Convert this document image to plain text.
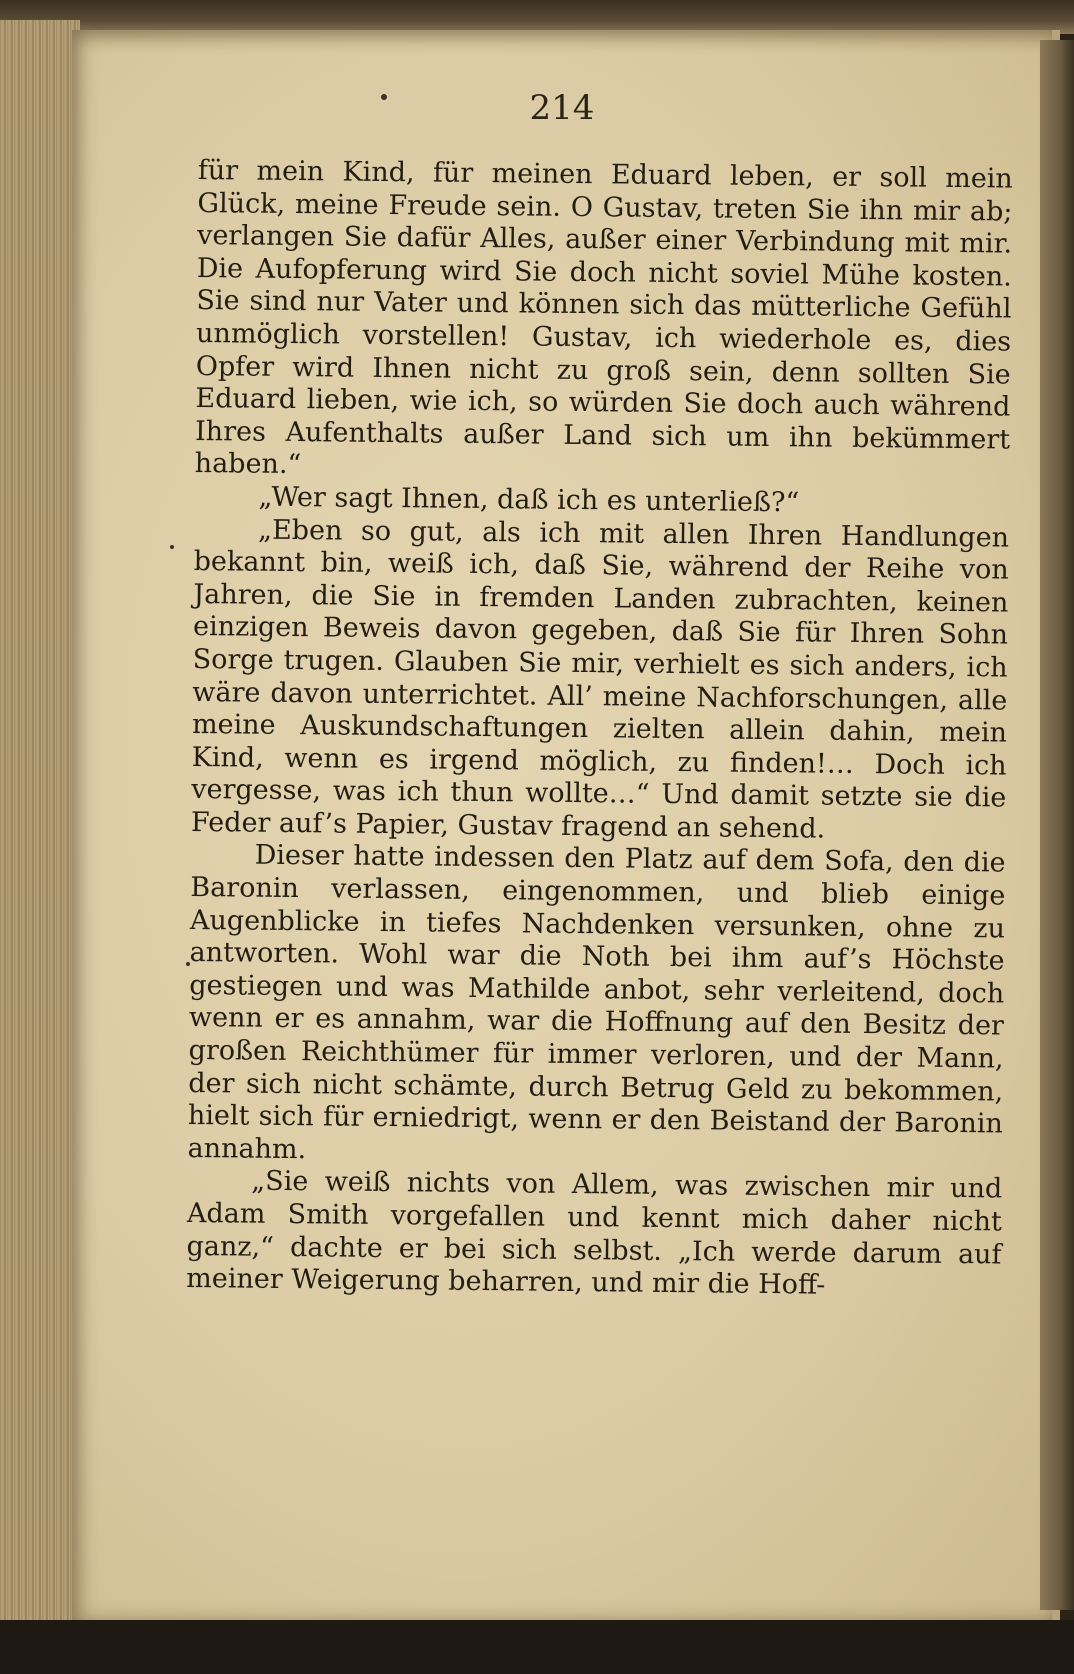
214

für mein Kind, für meinen Eduard leben, er soll mein Glück, meine Freude sein. O Gustav, treten Sie ihn mir ab; verlangen Sie dafür Alles, außer einer Verbindung mit mir. Die Aufopferung wird Sie doch nicht soviel Mühe kosten. Sie sind nur Vater und können sich das mütterliche Gefühl unmöglich vorstellen! Gustav, ich wiederhole es, dies Opfer wird Ihnen nicht zu groß sein, denn sollten Sie Eduard lieben, wie ich, so würden Sie doch auch während Ihres Aufenthalts außer Land sich um ihn bekümmert haben.“

„Wer sagt Ihnen, daß ich es unterließ?“

„Eben so gut, als ich mit allen Ihren Handlungen bekannt bin, weiß ich, daß Sie, während der Reihe von Jahren, die Sie in fremden Landen zubrachten, keinen einzigen Beweis davon gegeben, daß Sie für Ihren Sohn Sorge trugen. Glauben Sie mir, verhielt es sich anders, ich wäre davon unterrichtet. All’ meine Nachforschungen, alle meine Auskundschaftungen zielten allein dahin, mein Kind, wenn es irgend möglich, zu finden!… Doch ich vergesse, was ich thun wollte…“ Und damit setzte sie die Feder auf’s Papier, Gustav fragend an sehend.

Dieser hatte indessen den Platz auf dem Sofa, den die Baronin verlassen, eingenommen, und blieb einige Augenblicke in tiefes Nachdenken versunken, ohne zu antworten. Wohl war die Noth bei ihm auf’s Höchste gestiegen und was Mathilde anbot, sehr verleitend, doch wenn er es annahm, war die Hoffnung auf den Besitz der großen Reichthümer für immer verloren, und der Mann, der sich nicht schämte, durch Betrug Geld zu bekommen, hielt sich für erniedrigt, wenn er den Beistand der Baronin annahm.

„Sie weiß nichts von Allem, was zwischen mir und Adam Smith vorgefallen und kennt mich daher nicht ganz,“ dachte er bei sich selbst. „Ich werde darum auf meiner Weigerung beharren, und mir die Hoff-
